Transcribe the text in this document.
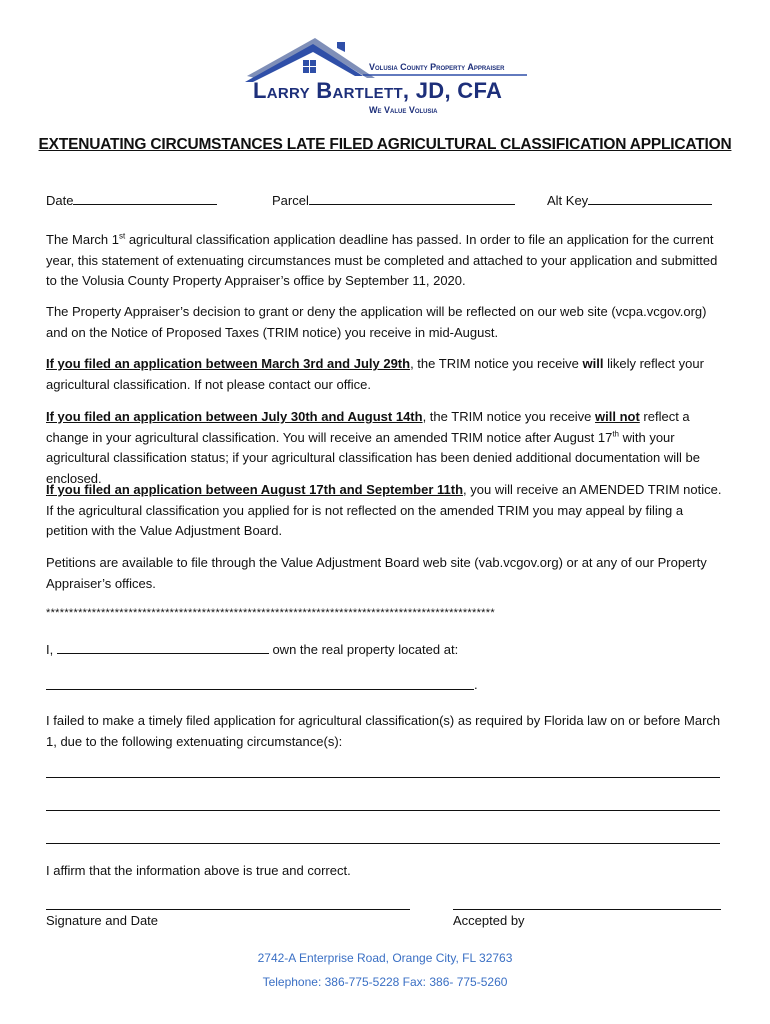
Volusia County Property Appraiser
Larry Bartlett, JD, CFA
We Value Volusia
EXTENUATING CIRCUMSTANCES LATE FILED AGRICULTURAL CLASSIFICATION APPLICATION
Date	Parcel	Alt Key

The March 1st agricultural classification application deadline has passed. In order to file an application for the current year, this statement of extenuating circumstances must be completed and attached to your application and submitted to the Volusia County Property Appraiser’s office by September 11, 2020.

The Property Appraiser’s decision to grant or deny the application will be reflected on our web site (vcpa.vcgov.org) and on the Notice of Proposed Taxes (TRIM notice) you receive in mid-August.

If you filed an application between March 3rd and July 29th, the TRIM notice you receive will likely reflect your agricultural classification. If not please contact our office.

If you filed an application between July 30th and August 14th, the TRIM notice you receive will not reflect a change in your agricultural classification. You will receive an amended TRIM notice after August 17th with your agricultural classification status; if your agricultural classification has been denied additional documentation will be enclosed.

If you filed an application between August 17th and September 11th, you will receive an AMENDED TRIM notice. If the agricultural classification you applied for is not reflected on the amended TRIM you may appeal by filing a petition with the Value Adjustment Board.

Petitions are available to file through the Value Adjustment Board web site (vab.vcgov.org) or at any of our Property Appraiser’s offices.

**************************************************************************************************
I,	own the real property located at:
.

I failed to make a timely filed application for agricultural classification(s) as required by Florida law on or before March 1, due to the following extenuating circumstance(s):

I affirm that the information above is true and correct.

Signature and Date	Accepted by
2742-A Enterprise Road, Orange City, FL 32763
Telephone: 386-775-5228 Fax: 386- 775-5260
